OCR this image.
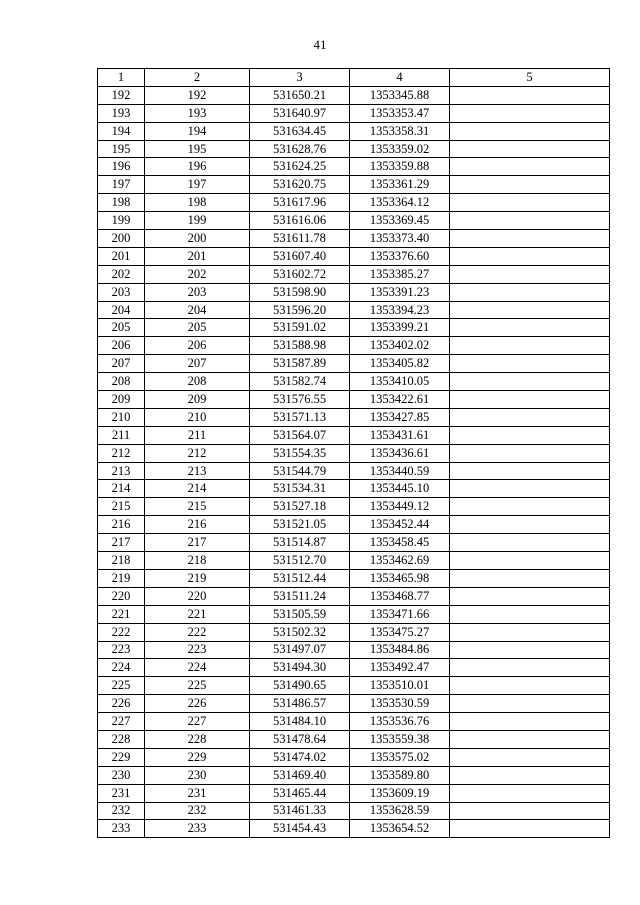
41
1	2	3	4	5
192	192	531650.21	1353345.88	
193	193	531640.97	1353353.47	
194	194	531634.45	1353358.31	
195	195	531628.76	1353359.02	
196	196	531624.25	1353359.88	
197	197	531620.75	1353361.29	
198	198	531617.96	1353364.12	
199	199	531616.06	1353369.45	
200	200	531611.78	1353373.40	
201	201	531607.40	1353376.60	
202	202	531602.72	1353385.27	
203	203	531598.90	1353391.23	
204	204	531596.20	1353394.23	
205	205	531591.02	1353399.21	
206	206	531588.98	1353402.02	
207	207	531587.89	1353405.82	
208	208	531582.74	1353410.05	
209	209	531576.55	1353422.61	
210	210	531571.13	1353427.85	
211	211	531564.07	1353431.61	
212	212	531554.35	1353436.61	
213	213	531544.79	1353440.59	
214	214	531534.31	1353445.10	
215	215	531527.18	1353449.12	
216	216	531521.05	1353452.44	
217	217	531514.87	1353458.45	
218	218	531512.70	1353462.69	
219	219	531512.44	1353465.98	
220	220	531511.24	1353468.77	
221	221	531505.59	1353471.66	
222	222	531502.32	1353475.27	
223	223	531497.07	1353484.86	
224	224	531494.30	1353492.47	
225	225	531490.65	1353510.01	
226	226	531486.57	1353530.59	
227	227	531484.10	1353536.76	
228	228	531478.64	1353559.38	
229	229	531474.02	1353575.02	
230	230	531469.40	1353589.80	
231	231	531465.44	1353609.19	
232	232	531461.33	1353628.59	
233	233	531454.43	1353654.52	
